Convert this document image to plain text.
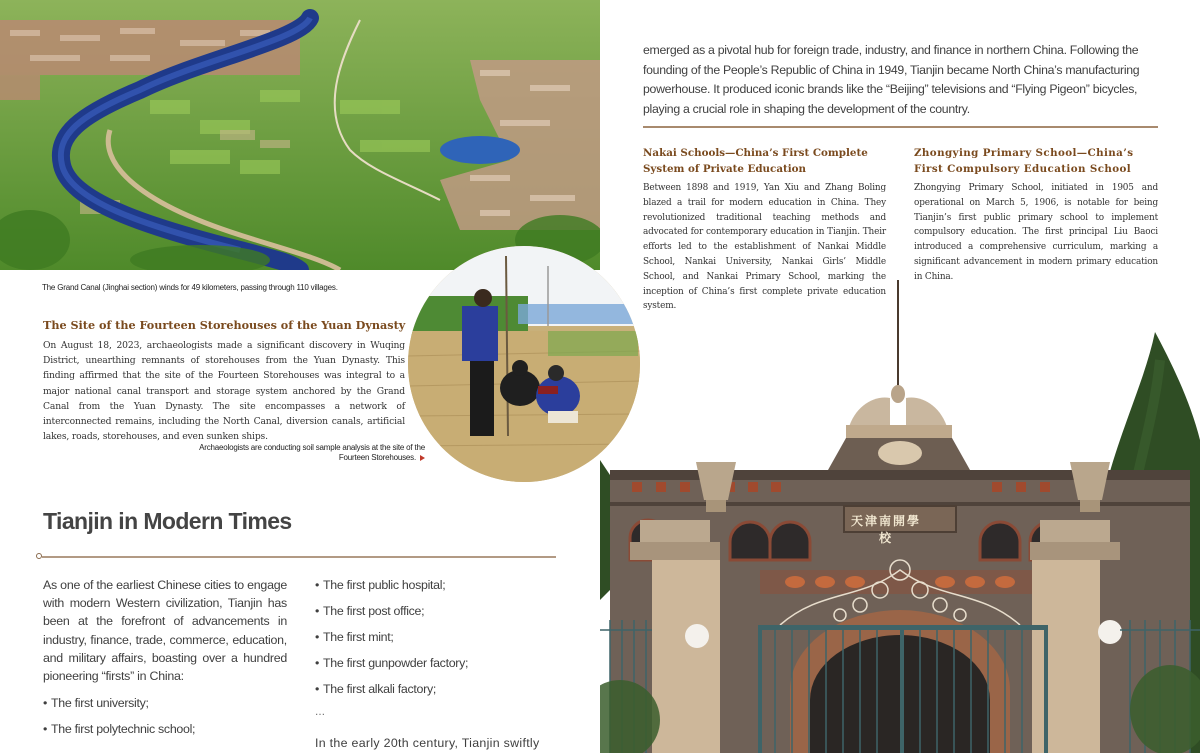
The Grand Canal (Jinghai section) winds for 49 kilometers, passing through 110 villages.
The Site of the Fourteen Storehouses of the Yuan Dynasty
On August 18, 2023, archaeologists made a significant discovery in Wuqing District, unearthing remnants of storehouses from the Yuan Dynasty. This finding affirmed that the site of the Fourteen Storehouses was integral to a major national canal transport and storage system anchored by the Grand Canal from the Yuan Dynasty. The site encompasses a network of interconnected remains, including the North Canal, diversion canals, artificial lakes, roads, storehouses, and even sunken ships.
Archaeologists are conducting soil sample analysis at the site of the Fourteen Storehouses.
Tianjin in Modern Times
As one of the earliest Chinese cities to engage with modern Western civilization, Tianjin has been at the forefront of advancements in industry, finance, trade, commerce, education, and military affairs, boasting over a hundred pioneering “firsts” in China:
• The first university;
• The first polytechnic school;
• The first public hospital;
• The first post office;
• The first mint;
• The first gunpowder factory;
• The first alkali factory;
…
In the early 20th century, Tianjin swiftly
emerged as a pivotal hub for foreign trade, industry, and finance in northern China. Following the founding of the People’s Republic of China in 1949, Tianjin became North China’s manufacturing powerhouse. It produced iconic brands like the “Beijing” televisions and “Flying Pigeon” bicycles, playing a crucial role in shaping the development of the country.
Nakai Schools—China’s First Complete System of Private Education
Between 1898 and 1919, Yan Xiu and Zhang Boling blazed a trail for modern education in China. They revolutionized traditional teaching methods and advocated for contemporary education in Tianjin. Their efforts led to the establishment of Nankai Middle School, Nankai University, Nankai Girls’ Middle School, and Nankai Primary School, marking the inception of China’s first complete private education system.
Zhongying Primary School—China’s First Compulsory Education School
Zhongying Primary School, initiated in 1905 and operational on March 5, 1906, is notable for being Tianjin’s first public primary school to implement compulsory education. The first principal Liu Baoci introduced a comprehensive curriculum, marking a significant advancement in modern primary education in China.
天津南開學校
